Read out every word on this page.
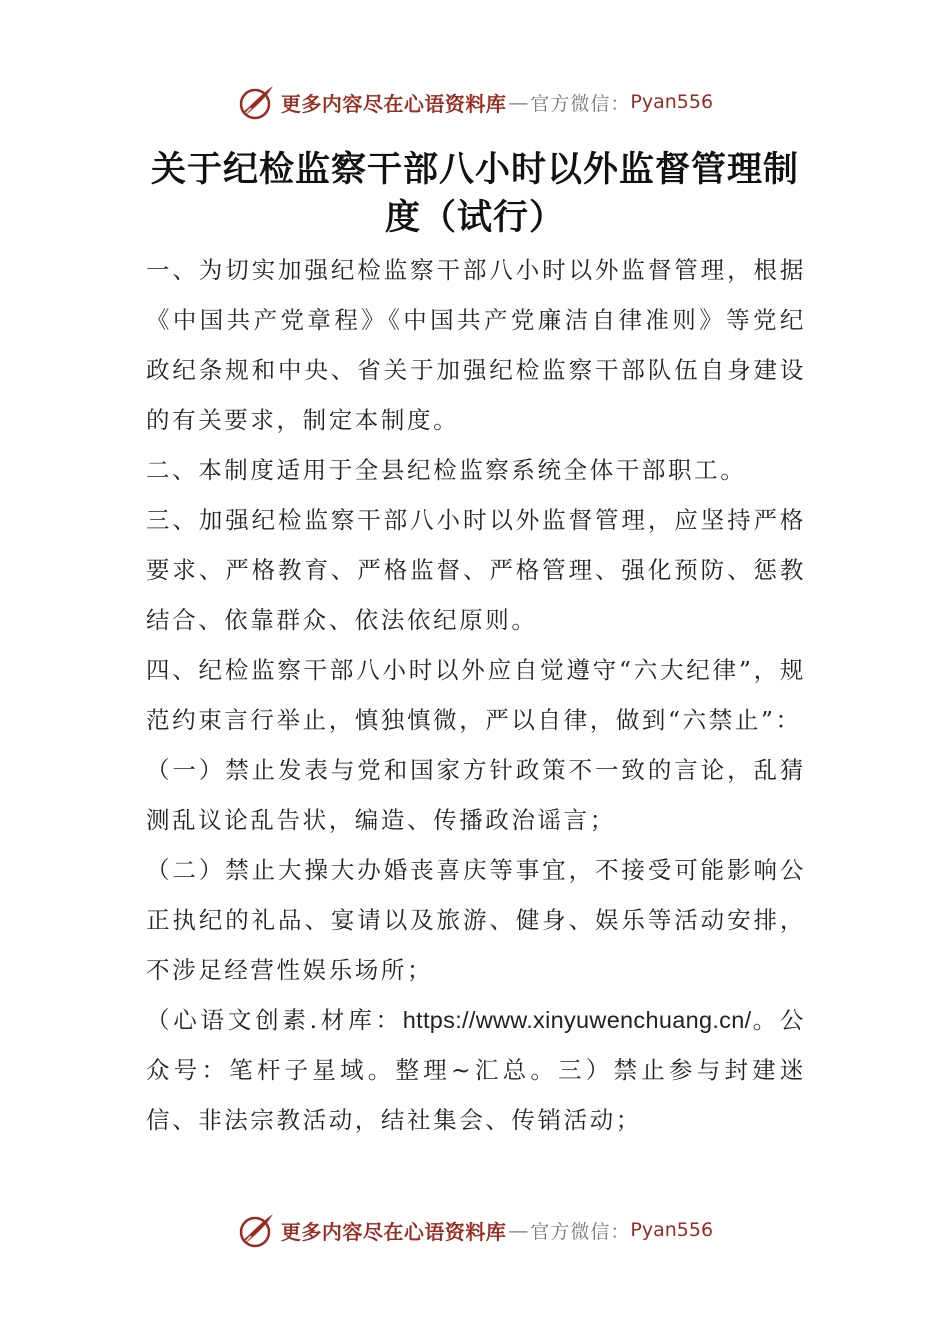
更多内容尽在心语资料库 — 官方微信： Pyan556
关于纪检监察干部八小时以外监督管理制度（试行）

一、为切实加强纪检监察干部八小时以外监督管理，根据《中国共产党章程》《中国共产党廉洁自律准则》等党纪政纪条规和中央、省关于加强纪检监察干部队伍自身建设的有关要求，制定本制度。

二、本制度适用于全县纪检监察系统全体干部职工。

三、加强纪检监察干部八小时以外监督管理，应坚持严格要求、严格教育、严格监督、严格管理、强化预防、惩教结合、依靠群众、依法依纪原则。

四、纪检监察干部八小时以外应自觉遵守“六大纪律”，规范约束言行举止，慎独慎微，严以自律，做到“六禁止”：

（一）禁止发表与党和国家方针政策不一致的言论，乱猜测乱议论乱告状，编造、传播政治谣言；

（二）禁止大操大办婚丧喜庆等事宜，不接受可能影响公正执纪的礼品、宴请以及旅游、健身、娱乐等活动安排，不涉足经营性娱乐场所；

（心语文创素.材库：https://www.xinyuwenchuang.cn/。公众号：笔杆子星域。整理~汇总。三）禁止参与封建迷信、非法宗教活动，结社集会、传销活动；

更多内容尽在心语资料库 — 官方微信： Pyan556
